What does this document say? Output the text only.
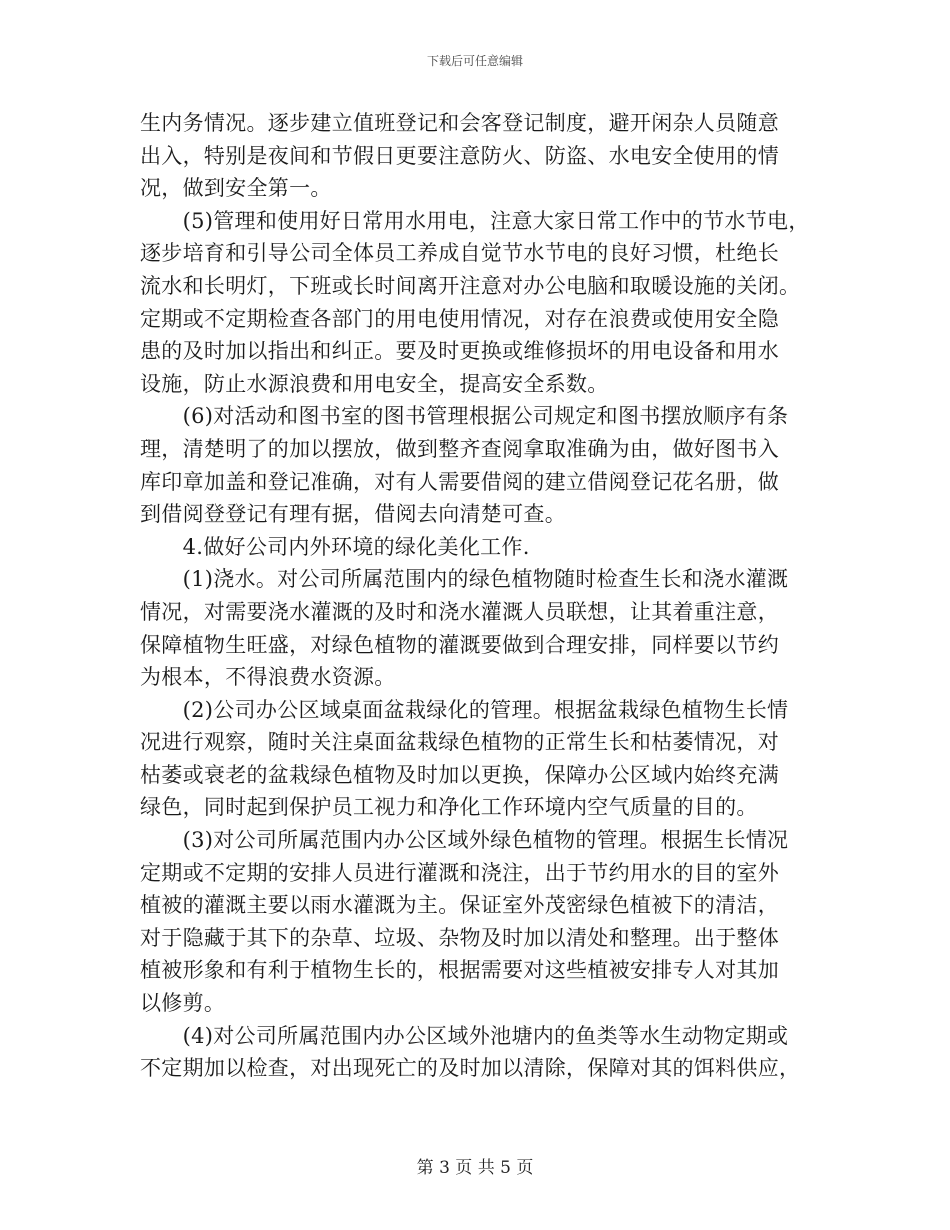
下载后可任意编辑

生内务情况。逐步建立值班登记和会客登记制度，避开闲杂人员随意

出入，特别是夜间和节假日更要注意防火、防盗、水电安全使用的情

况，做到安全第一。

　　(5)管理和使用好日常用水用电，注意大家日常工作中的节水节电，

逐步培育和引导公司全体员工养成自觉节水节电的良好习惯，杜绝长

流水和长明灯，下班或长时间离开注意对办公电脑和取暖设施的关闭。

定期或不定期检查各部门的用电使用情况，对存在浪费或使用安全隐

患的及时加以指出和纠正。要及时更换或维修损坏的用电设备和用水

设施，防止水源浪费和用电安全，提高安全系数。

　　(6)对活动和图书室的图书管理根据公司规定和图书摆放顺序有条

理，清楚明了的加以摆放，做到整齐查阅拿取准确为由，做好图书入

库印章加盖和登记准确，对有人需要借阅的建立借阅登记花名册，做

到借阅登登记有理有据，借阅去向清楚可查。

　　4.做好公司内外环境的绿化美化工作.

　　(1)浇水。对公司所属范围内的绿色植物随时检查生长和浇水灌溉

情况，对需要浇水灌溉的及时和浇水灌溉人员联想，让其着重注意，

保障植物生旺盛，对绿色植物的灌溉要做到合理安排，同样要以节约

为根本，不得浪费水资源。

　　(2)公司办公区域桌面盆栽绿化的管理。根据盆栽绿色植物生长情

况进行观察，随时关注桌面盆栽绿色植物的正常生长和枯萎情况，对

枯萎或衰老的盆栽绿色植物及时加以更换，保障办公区域内始终充满

绿色，同时起到保护员工视力和净化工作环境内空气质量的目的。

　　(3)对公司所属范围内办公区域外绿色植物的管理。根据生长情况

定期或不定期的安排人员进行灌溉和浇注，出于节约用水的目的室外

植被的灌溉主要以雨水灌溉为主。保证室外茂密绿色植被下的清洁，

对于隐藏于其下的杂草、垃圾、杂物及时加以清处和整理。出于整体

植被形象和有利于植物生长的，根据需要对这些植被安排专人对其加

以修剪。

　　(4)对公司所属范围内办公区域外池塘内的鱼类等水生动物定期或

不定期加以检查，对出现死亡的及时加以清除，保障对其的饵料供应，

第 3 页 共 5 页
